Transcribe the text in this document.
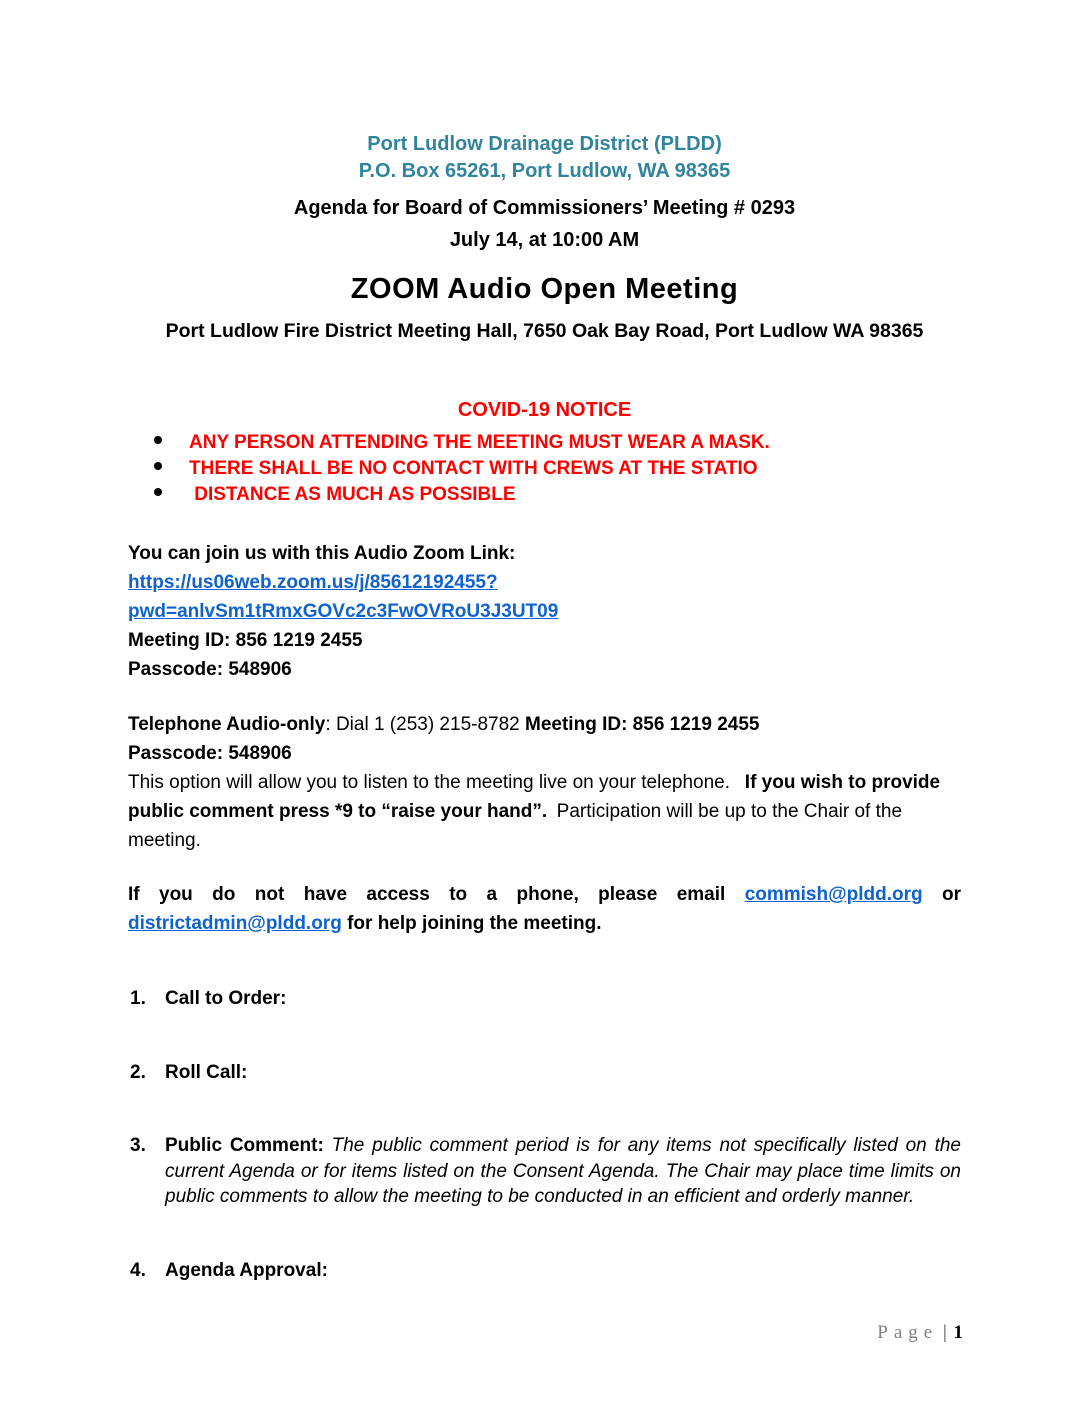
Port Ludlow Drainage District (PLDD)
P.O. Box 65261, Port Ludlow, WA 98365
Agenda for Board of Commissioners’ Meeting # 0293
July 14, at 10:00 AM
ZOOM Audio Open Meeting
Port Ludlow Fire District Meeting Hall, 7650 Oak Bay Road, Port Ludlow WA 98365
COVID-19 NOTICE
ANY PERSON ATTENDING THE MEETING MUST WEAR A MASK.
THERE SHALL BE NO CONTACT WITH CREWS AT THE STATIO
DISTANCE AS MUCH AS POSSIBLE
You can join us with this Audio Zoom Link:
https://us06web.zoom.us/j/85612192455?
pwd=anlvSm1tRmxGOVc2c3FwOVRoU3J3UT09
Meeting ID: 856 1219 2455
Passcode: 548906
Telephone Audio-only: Dial 1 (253) 215-8782 Meeting ID: 856 1219 2455
Passcode: 548906
This option will allow you to listen to the meeting live on your telephone.  If you wish to provide public comment press *9 to “raise your hand”. Participation will be up to the Chair of the meeting.
If you do not have access to a phone, please email commish@pldd.org or districtadmin@pldd.org for help joining the meeting.
1. Call to Order:
2. Roll Call:
3. Public Comment: The public comment period is for any items not specifically listed on the current Agenda or for items listed on the Consent Agenda. The Chair may place time limits on public comments to allow the meeting to be conducted in an efficient and orderly manner.
4. Agenda Approval:
Page | 1
